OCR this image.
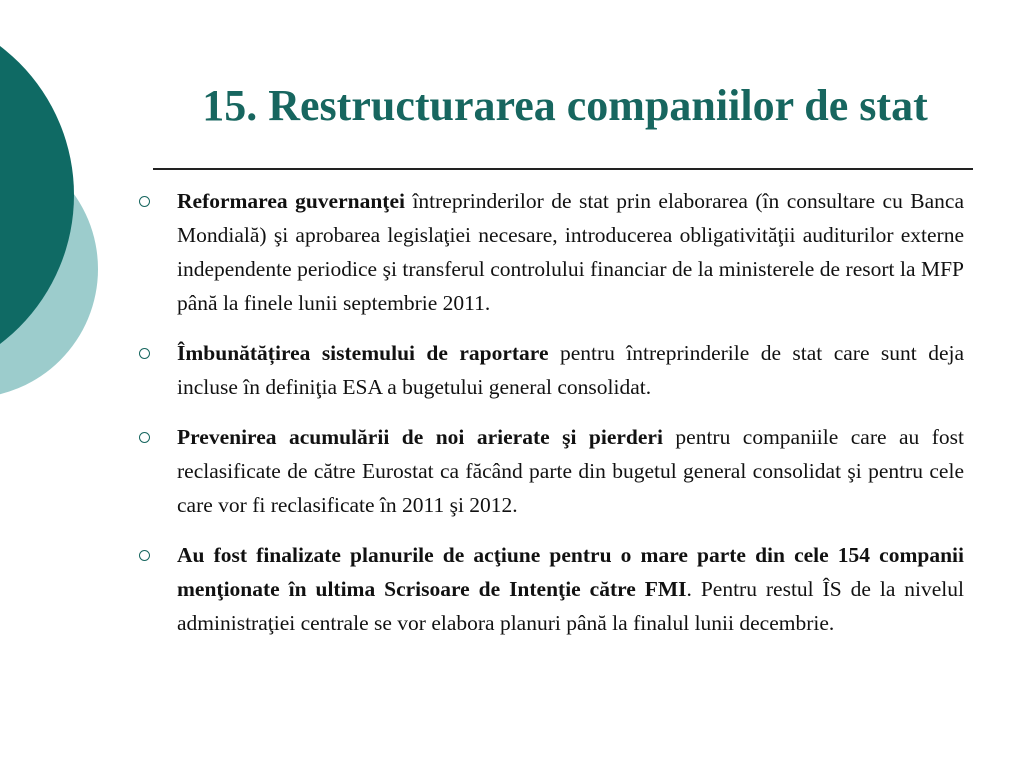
15. Restructurarea companiilor de stat

Reformarea guvernanţei întreprinderilor de stat prin elaborarea (în consultare cu Banca Mondială) şi aprobarea legislaţiei necesare, introducerea obligativităţii auditurilor externe independente periodice şi transferul controlului financiar de la ministerele de resort la MFP până la finele lunii septembrie 2011.

Îmbunătățirea sistemului de raportare pentru întreprinderile de stat care sunt deja incluse în definiţia ESA a bugetului general consolidat.

Prevenirea acumulării de noi arierate şi pierderi pentru companiile care au fost reclasificate de către Eurostat ca făcând parte din bugetul general consolidat şi pentru cele care vor fi reclasificate în 2011 şi 2012.

Au fost finalizate planurile de acţiune pentru o mare parte din cele 154 companii menţionate în ultima Scrisoare de Intenţie către FMI. Pentru restul ÎS de la nivelul administraţiei centrale se vor elabora planuri până la finalul lunii decembrie.
